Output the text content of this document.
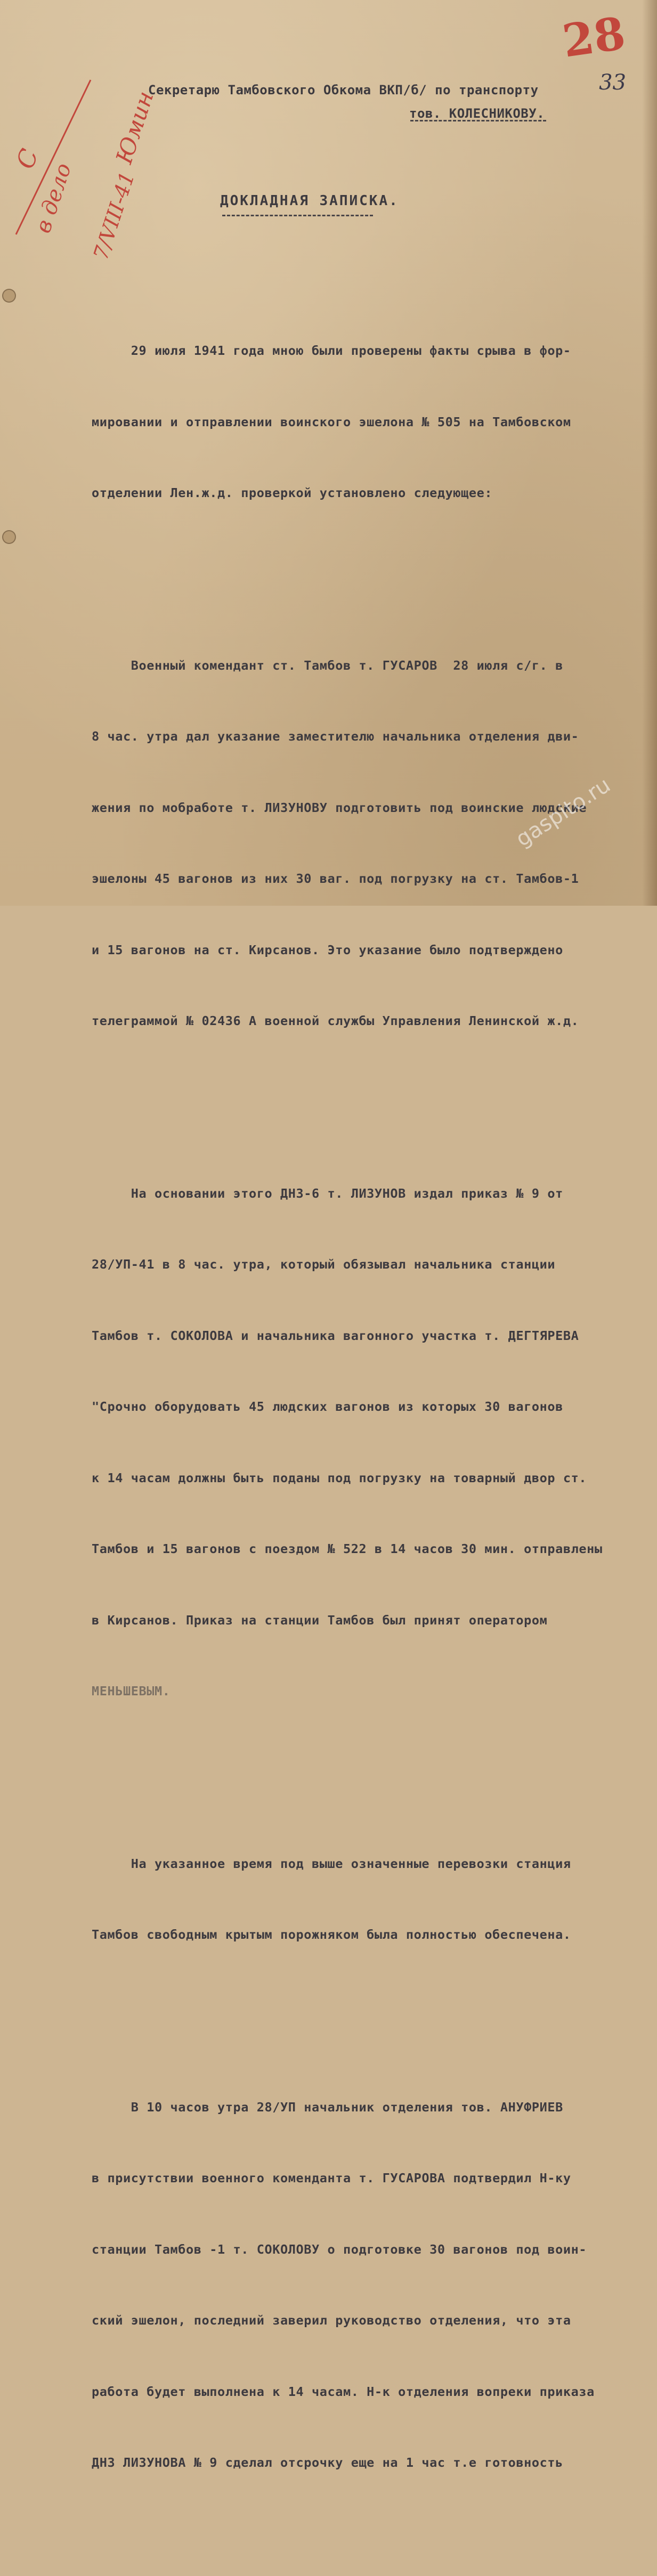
28
33
С
в дело
Юмин
7/VIII-41
Секретарю Тамбовского Обкома ВКП/б/ по транспорту
тов. КОЛЕСНИКОВУ.
ДОКЛАДНАЯ ЗАПИСКА.

29 июля 1941 года мною были проверены факты срыва в фор-

мировании и отправлении воинского эшелона № 505 на Тамбовском

отделении Лен.ж.д. проверкой установлено следующее:

Военный комендант ст. Тамбов т. ГУСАРОВ  28 июля с/г. в

8 час. утра дал указание заместителю начальника отделения дви-

жения по мобработе т. ЛИЗУНОВУ подготовить под воинские людские

эшелоны 45 вагонов из них 30 ваг. под погрузку на ст. Тамбов-1

и 15 вагонов на ст. Кирсанов. Это указание было подтверждено

телеграммой № 02436 А военной службы Управления Ленинской ж.д.

На основании этого ДНЗ-6 т. ЛИЗУНОВ издал приказ № 9 от

28/УП-41 в 8 час. утра, который обязывал начальника станции

Тамбов т. СОКОЛОВА и начальника вагонного участка т. ДЕГТЯРЕВА

"Срочно оборудовать 45 людских вагонов из которых 30 вагонов

к 14 часам должны быть поданы под погрузку на товарный двор ст.

Тамбов и 15 вагонов с поездом № 522 в 14 часов 30 мин. отправлены

в Кирсанов. Приказ на станции Тамбов был принят оператором

МЕНЬШЕВЫМ.

На указанное время под выше означенные перевозки станция

Тамбов свободным крытым порожняком была полностью обеспечена.

В 10 часов утра 28/УП начальник отделения тов. АНУФРИЕВ

в присутствии военного коменданта т. ГУСАРОВА подтвердил Н-ку

станции Тамбов -1 т. СОКОЛОВУ о подготовке 30 вагонов под воин-

ский эшелон, последний заверил руководство отделения, что эта

работа будет выполнена к 14 часам. Н-к отделения вопреки приказа

ДНЗ ЛИЗУНОВА № 9 сделал отсрочку еще на 1 час т.е готовность

gaspito.ru
